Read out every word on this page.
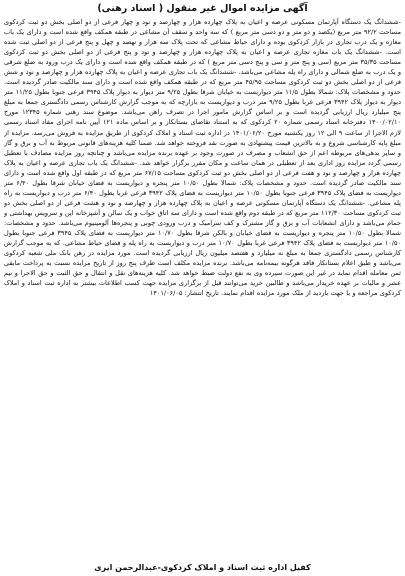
آگهی مزایده اموال غیر منقول ( اسناد رهنی)
-ششدانگ یک دستگاه آپارتمان مسکونی عرصه و اعیان به پلاک چهارده هزار و چهارصد و نود و چهار فرعی از دو اصلی بخش دو ثبت کردکوی مساحت ۹۲/۲ متر مربع (یکصد و دو متر و دو دسی متر مربع ) که سه واحد و سقف آن مشاعی در طبقه همکف واقع شده است و دارای یک باب مغازه و یک درب تجاری در بازار کردکوی بوده و دارای حیاط مشاعی که تحت پلاک سه هزار و نهصد و چهل و پنج فرعی از دو اصلی ثبت شده است. -ششدانگ یک باب مغازه تجاری عرصه و اعیان به پلاک چهارده هزار و چهارصد و نود و پنج فرعی از دو اصلی بخش دو ثبت کردکوی مساحت ۳۵/۳۵ متر مربع (سی و پنج متر و سی و پنج دسی متر مربع ) که در طبقه همکف واقع شده است و دارای یک درب ورود به ضلع شرقی و یک درب به ضلع شمالی و دارای راه پله مشاعی می‌باشد. -ششدانگ یک باب تجاری عرصه و اعیان به پلاک چهارده هزار و چهارصد و نود و شش فرعی از دو اصلی بخش دو ثبت کردکوی مساحت ۴۵/۹۵ متر مربع که در طبقه همکف واقع شده است و دارای سند مالکیت صادر گردیده است. حدود و مشخصات پلاک: شمالا بطول ۱۱/۵ متر دیواریست به خیابان شرقا بطول ۹/۲۵ متر دیوار به دیوار پلاک ۳۹۴۵ فرعی جنوبا بطول ۱۱/۲۵ متر دیوار به دیوار پلاک ۳۹۴۲ فرعی غربا بطول ۹/۲۵ متر درب و دیواریست به بازارچه که به موجب گزارش کارشناس رسمی دادگستری جمعا به مبلغ پنج میلیارد ریال ارزیابی گردیده است و بر اساس گزارش مامور اجرا در تصرف راهن می‌باشد. موضوع سند رهنی شماره ۱۲۳۴۵ مورخ ۱۴۰۰/۰۲/۱۰ دفترخانه اسناد رسمی شماره ۲۰ کردکوی که به استناد تقاضای بستانکار و بر اساس ماده ۱۲۱ آیین نامه اجرای مفاد اسناد رسمی لازم الاجرا از ساعت ۹ الی ۱۲ روز یکشنبه مورخ ۱۴۰۱/۰۶/۲۰ در اداره ثبت اسناد و املاک کردکوی از طریق مزایده به فروش می‌رسد. مزایده از مبلغ پایه کارشناسی شروع و به بالاترین قیمت پیشنهادی به صورت نقد فروخته خواهد شد. ضمنا کلیه هزینه‌های قانونی مربوط به آب و برق و گاز و سایر بدهی‌های مربوطه اعم از حق انشعاب و مصرف در صورت وجود بر عهده برنده مزایده می‌باشد و چنانچه روز مزایده مصادف با تعطیل رسمی گردد مزایده روز اداری بعد از تعطیلی در همان ساعت و مکان مقرر برگزار خواهد شد. -ششدانگ یک باب تجاری عرصه و اعیان به پلاک چهارده هزار و چهارصد و نود و هفت فرعی از دو اصلی بخش دو ثبت کردکوی مساحت ۶۷/۱۵ متر مربع که در طبقه اول واقع شده است و دارای سند مالکیت صادر گردیده است. حدود و مشخصات پلاک: شمالا بطول ۱۰/۵۰ متر پنجره و دیواریست به فضای خیابان شرقا بطول ۶/۴۰ متر دیواریست به فضای پلاک ۳۹۴۵ فرعی جنوبا بطول ۱۰/۵۰ متر دیواریست به فضای پلاک ۳۹۴۲ فرعی غربا بطول ۶/۴۰ متر درب و دیواریست به راه پله مشاعی. -ششدانگ یک دستگاه آپارتمان مسکونی عرصه و اعیان به پلاک چهارده هزار و چهارصد و نود و هشت فرعی از دو اصلی بخش دو ثبت کردکوی مساحت ۱۱۲/۳۰ متر مربع که در طبقه دوم واقع شده است و دارای سه اتاق خواب و یک سالن و آشپزخانه اپن و سرویس بهداشتی و حمام می‌باشد و دارای انشعابات آب و برق و گاز مشترک و کف سرامیک و درب ورودی چوبی و پنجره‌ها آلومینیوم می‌باشد. حدود و مشخصات: شمالا بطول ۱۰/۵۰ متر پنجره و دیواریست به فضای خیابان و بالکن شرقا بطول ۱۰/۷۰ متر دیواریست به فضای پلاک ۳۹۴۵ فرعی جنوبا بطول ۱۰/۵۰ متر دیواریست به فضای پلاک ۳۹۴۲ فرعی غربا بطول ۱۰/۷۰ متر درب و دیواریست به راه پله و فضای حیاط مشاعی. که به موجب گزارش کارشناس رسمی دادگستری جمعا به مبلغ نه میلیارد و هفتصد میلیون ریال ارزیابی گردیده است. مورد مزایده در رهن بانک ملی شعبه کردکوی می‌باشد و طبق اعلام بستانکار فاقد هرگونه بیمه‌نامه می‌باشد. برنده مزایده مکلف است ظرف پنج روز از تاریخ مزایده نسبت به پرداخت مابقی ثمن معامله اقدام نماید در غیر این صورت سپرده وی به نفع دولت ضبط خواهد شد. کلیه هزینه‌های نقل و انتقال و حق الثبت و حق الاجرا و نیم عشر و مالیات بر عهده خریدار می‌باشد و طالبین خرید می‌توانند قبل از برگزاری مزایده جهت کسب اطلاعات بیشتر به اداره ثبت اسناد و املاک کردکوی مراجعه و یا جهت بازدید از ملک مورد مزایده اقدام نمایند. تاریخ انتشار: ۱۴۰۱/۰۶/۰۵
کفیل اداره ثبت اسناد و املاک کردکوی-عبدالرحمن ایری
